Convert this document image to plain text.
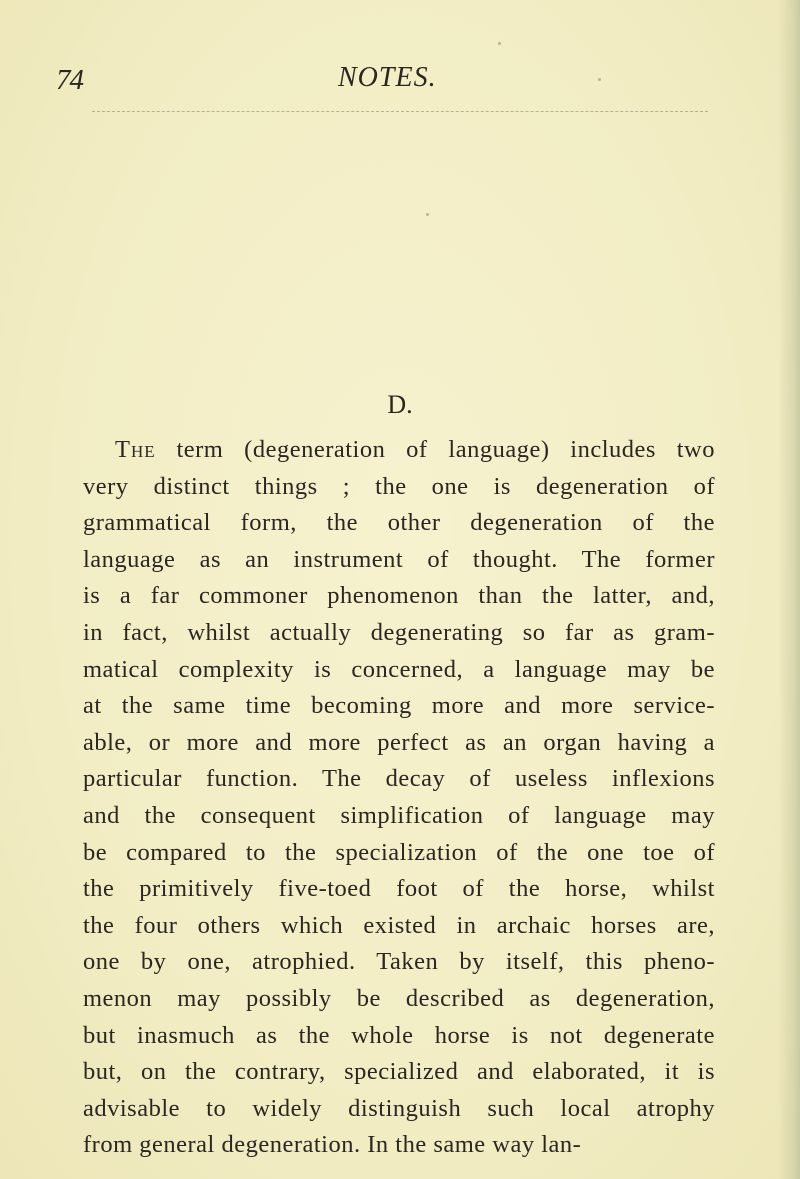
74	NOTES.
D.
The term (degeneration of language) includes two
very distinct things ; the one is degeneration of
grammatical form, the other degeneration of the
language as an instrument of thought. The former
is a far commoner phenomenon than the latter, and,
in fact, whilst actually degenerating so far as gram-
matical complexity is concerned, a language may be
at the same time becoming more and more service-
able, or more and more perfect as an organ having a
particular function. The decay of useless inflexions
and the consequent simplification of language may
be compared to the specialization of the one toe of
the primitively five-toed foot of the horse, whilst
the four others which existed in archaic horses are,
one by one, atrophied. Taken by itself, this pheno-
menon may possibly be described as degeneration,
but inasmuch as the whole horse is not degenerate
but, on the contrary, specialized and elaborated, it is
advisable to widely distinguish such local atrophy
from general degeneration. In the same way lan-
